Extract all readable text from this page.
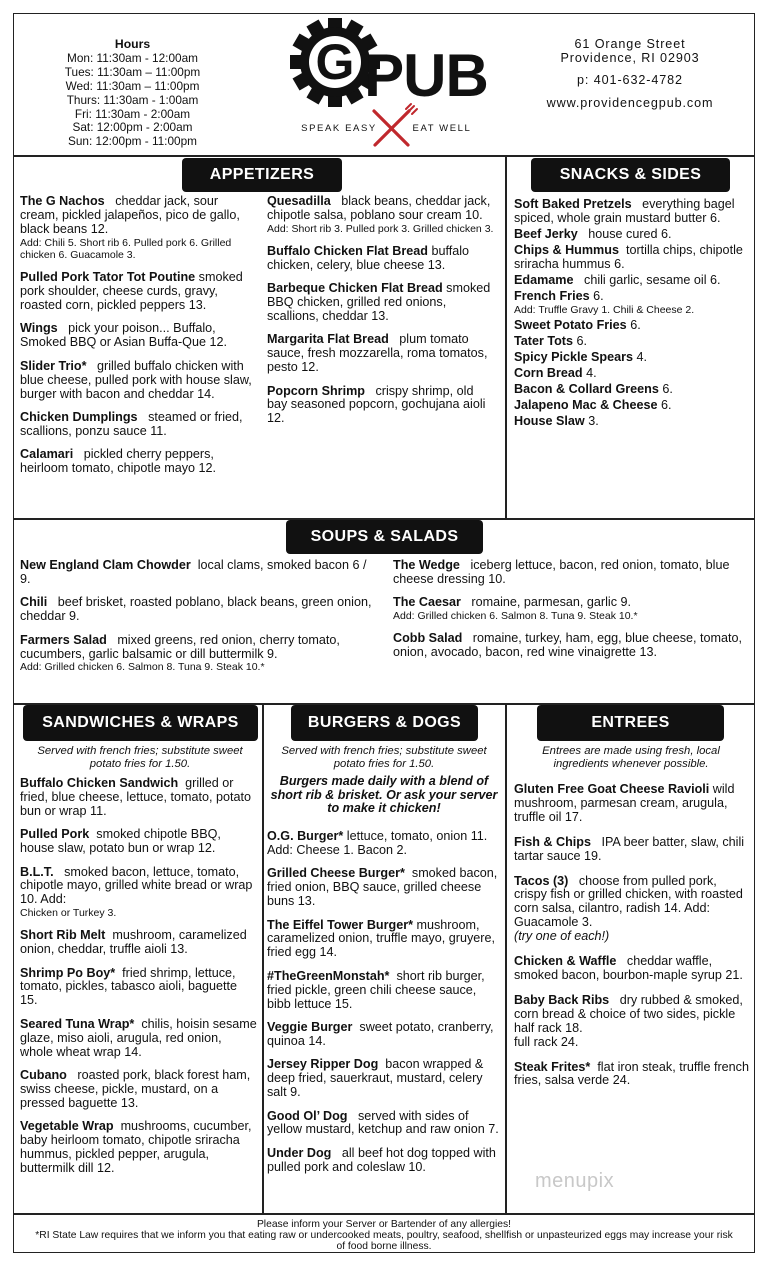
Hours
Mon: 11:30am - 12:00am
Tues: 11:30am – 11:00pm
Wed: 11:30am – 11:00pm
Thurs: 11:30am - 1:00am
Fri: 11:30am - 2:00am
Sat: 12:00pm - 2:00am
Sun: 12:00pm - 11:00pm
G PUB
SPEAK EASY	EAT WELL
61 Orange Street
Providence, RI 02903
p: 401-632-4782
www.providencegpub.com
APPETIZERS
The G Nachos cheddar jack, sour cream, pickled jalapeños, pico de gallo, black beans 12.
Add: Chili 5. Short rib 6. Pulled pork 6. Grilled chicken 6. Guacamole 3.
Pulled Pork Tator Tot Poutine smoked pork shoulder, cheese curds, gravy, roasted corn, pickled peppers 13.
Wings pick your poison... Buffalo, Smoked BBQ or Asian Buffa-Que 12.
Slider Trio* grilled buffalo chicken with blue cheese, pulled pork with house slaw, burger with bacon and cheddar 14.
Chicken Dumplings steamed or fried, scallions, ponzu sauce 11.
Calamari pickled cherry peppers, heirloom tomato, chipotle mayo 12.
Quesadilla black beans, cheddar jack, chipotle salsa, poblano sour cream 10.
Add: Short rib 3. Pulled pork 3. Grilled chicken 3.
Buffalo Chicken Flat Bread buffalo chicken, celery, blue cheese 13.
Barbeque Chicken Flat Bread smoked BBQ chicken, grilled red onions, scallions, cheddar 13.
Margarita Flat Bread plum tomato sauce, fresh mozzarella, roma tomatos, pesto 12.
Popcorn Shrimp crispy shrimp, old bay seasoned popcorn, gochujana aioli 12.
SNACKS & SIDES
Soft Baked Pretzels everything bagel spiced, whole grain mustard butter 6.
Beef Jerky house cured 6.
Chips & Hummus tortilla chips, chipotle sriracha hummus 6.
Edamame chili garlic, sesame oil 6.
French Fries 6.
Add: Truffle Gravy 1. Chili & Cheese 2.
Sweet Potato Fries 6.
Tater Tots 6.
Spicy Pickle Spears 4.
Corn Bread 4.
Bacon & Collard Greens 6.
Jalapeno Mac & Cheese 6.
House Slaw 3.
SOUPS & SALADS
New England Clam Chowder local clams, smoked bacon 6 / 9.
Chili beef brisket, roasted poblano, black beans, green onion, cheddar 9.
Farmers Salad mixed greens, red onion, cherry tomato, cucumbers, garlic balsamic or dill buttermilk 9.
Add: Grilled chicken 6. Salmon 8. Tuna 9. Steak 10.*
The Wedge iceberg lettuce, bacon, red onion, tomato, blue cheese dressing 10.
The Caesar romaine, parmesan, garlic 9.
Add: Grilled chicken 6. Salmon 8. Tuna 9. Steak 10.*
Cobb Salad romaine, turkey, ham, egg, blue cheese, tomato, onion, avocado, bacon, red wine vinaigrette 13.
SANDWICHES & WRAPS
Served with french fries; substitute sweet potato fries for 1.50.
Buffalo Chicken Sandwich grilled or fried, blue cheese, lettuce, tomato, potato bun or wrap 11.
Pulled Pork smoked chipotle BBQ, house slaw, potato bun or wrap 12.
B.L.T. smoked bacon, lettuce, tomato, chipotle mayo, grilled white bread or wrap 10. Add:
Chicken or Turkey 3.
Short Rib Melt mushroom, caramelized onion, cheddar, truffle aioli 13.
Shrimp Po Boy* fried shrimp, lettuce, tomato, pickles, tabasco aioli, baguette 15.
Seared Tuna Wrap* chilis, hoisin sesame glaze, miso aioli, arugula, red onion, whole wheat wrap 14.
Cubano roasted pork, black forest ham, swiss cheese, pickle, mustard, on a pressed baguette 13.
Vegetable Wrap mushrooms, cucumber, baby heirloom tomato, chipotle sriracha hummus, pickled pepper, arugula, buttermilk dill 12.
BURGERS & DOGS
Served with french fries; substitute sweet potato fries for 1.50.
Burgers made daily with a blend of short rib & brisket. Or ask your server to make it chicken!
O.G. Burger* lettuce, tomato, onion 11. Add: Cheese 1. Bacon 2.
Grilled Cheese Burger* smoked bacon, fried onion, BBQ sauce, grilled cheese buns 13.
The Eiffel Tower Burger* mushroom, caramelized onion, truffle mayo, gruyere, fried egg 14.
#TheGreenMonstah* short rib burger, fried pickle, green chili cheese sauce, bibb lettuce 15.
Veggie Burger sweet potato, cranberry, quinoa 14.
Jersey Ripper Dog bacon wrapped & deep fried, sauerkraut, mustard, celery salt 9.
Good Ol’ Dog served with sides of yellow mustard, ketchup and raw onion 7.
Under Dog all beef hot dog topped with pulled pork and coleslaw 10.
ENTREES
Entrees are made using fresh, local ingredients whenever possible.
Gluten Free Goat Cheese Ravioli wild mushroom, parmesan cream, arugula, truffle oil 17.
Fish & Chips IPA beer batter, slaw, chili tartar sauce 19.
Tacos (3) choose from pulled pork, crispy fish or grilled chicken, with roasted corn salsa, cilantro, radish 14. Add: Guacamole 3.
(try one of each!)
Chicken & Waffle cheddar waffle, smoked bacon, bourbon-maple syrup 21.
Baby Back Ribs dry rubbed & smoked, corn bread & choice of two sides, pickle
half rack 18.
full rack 24.
Steak Frites* flat iron steak, truffle french fries, salsa verde 24.
menupix
Please inform your Server or Bartender of any allergies!
*RI State Law requires that we inform you that eating raw or undercooked meats, poultry, seafood, shellfish or unpasteurized eggs may increase your risk of food borne illness.
